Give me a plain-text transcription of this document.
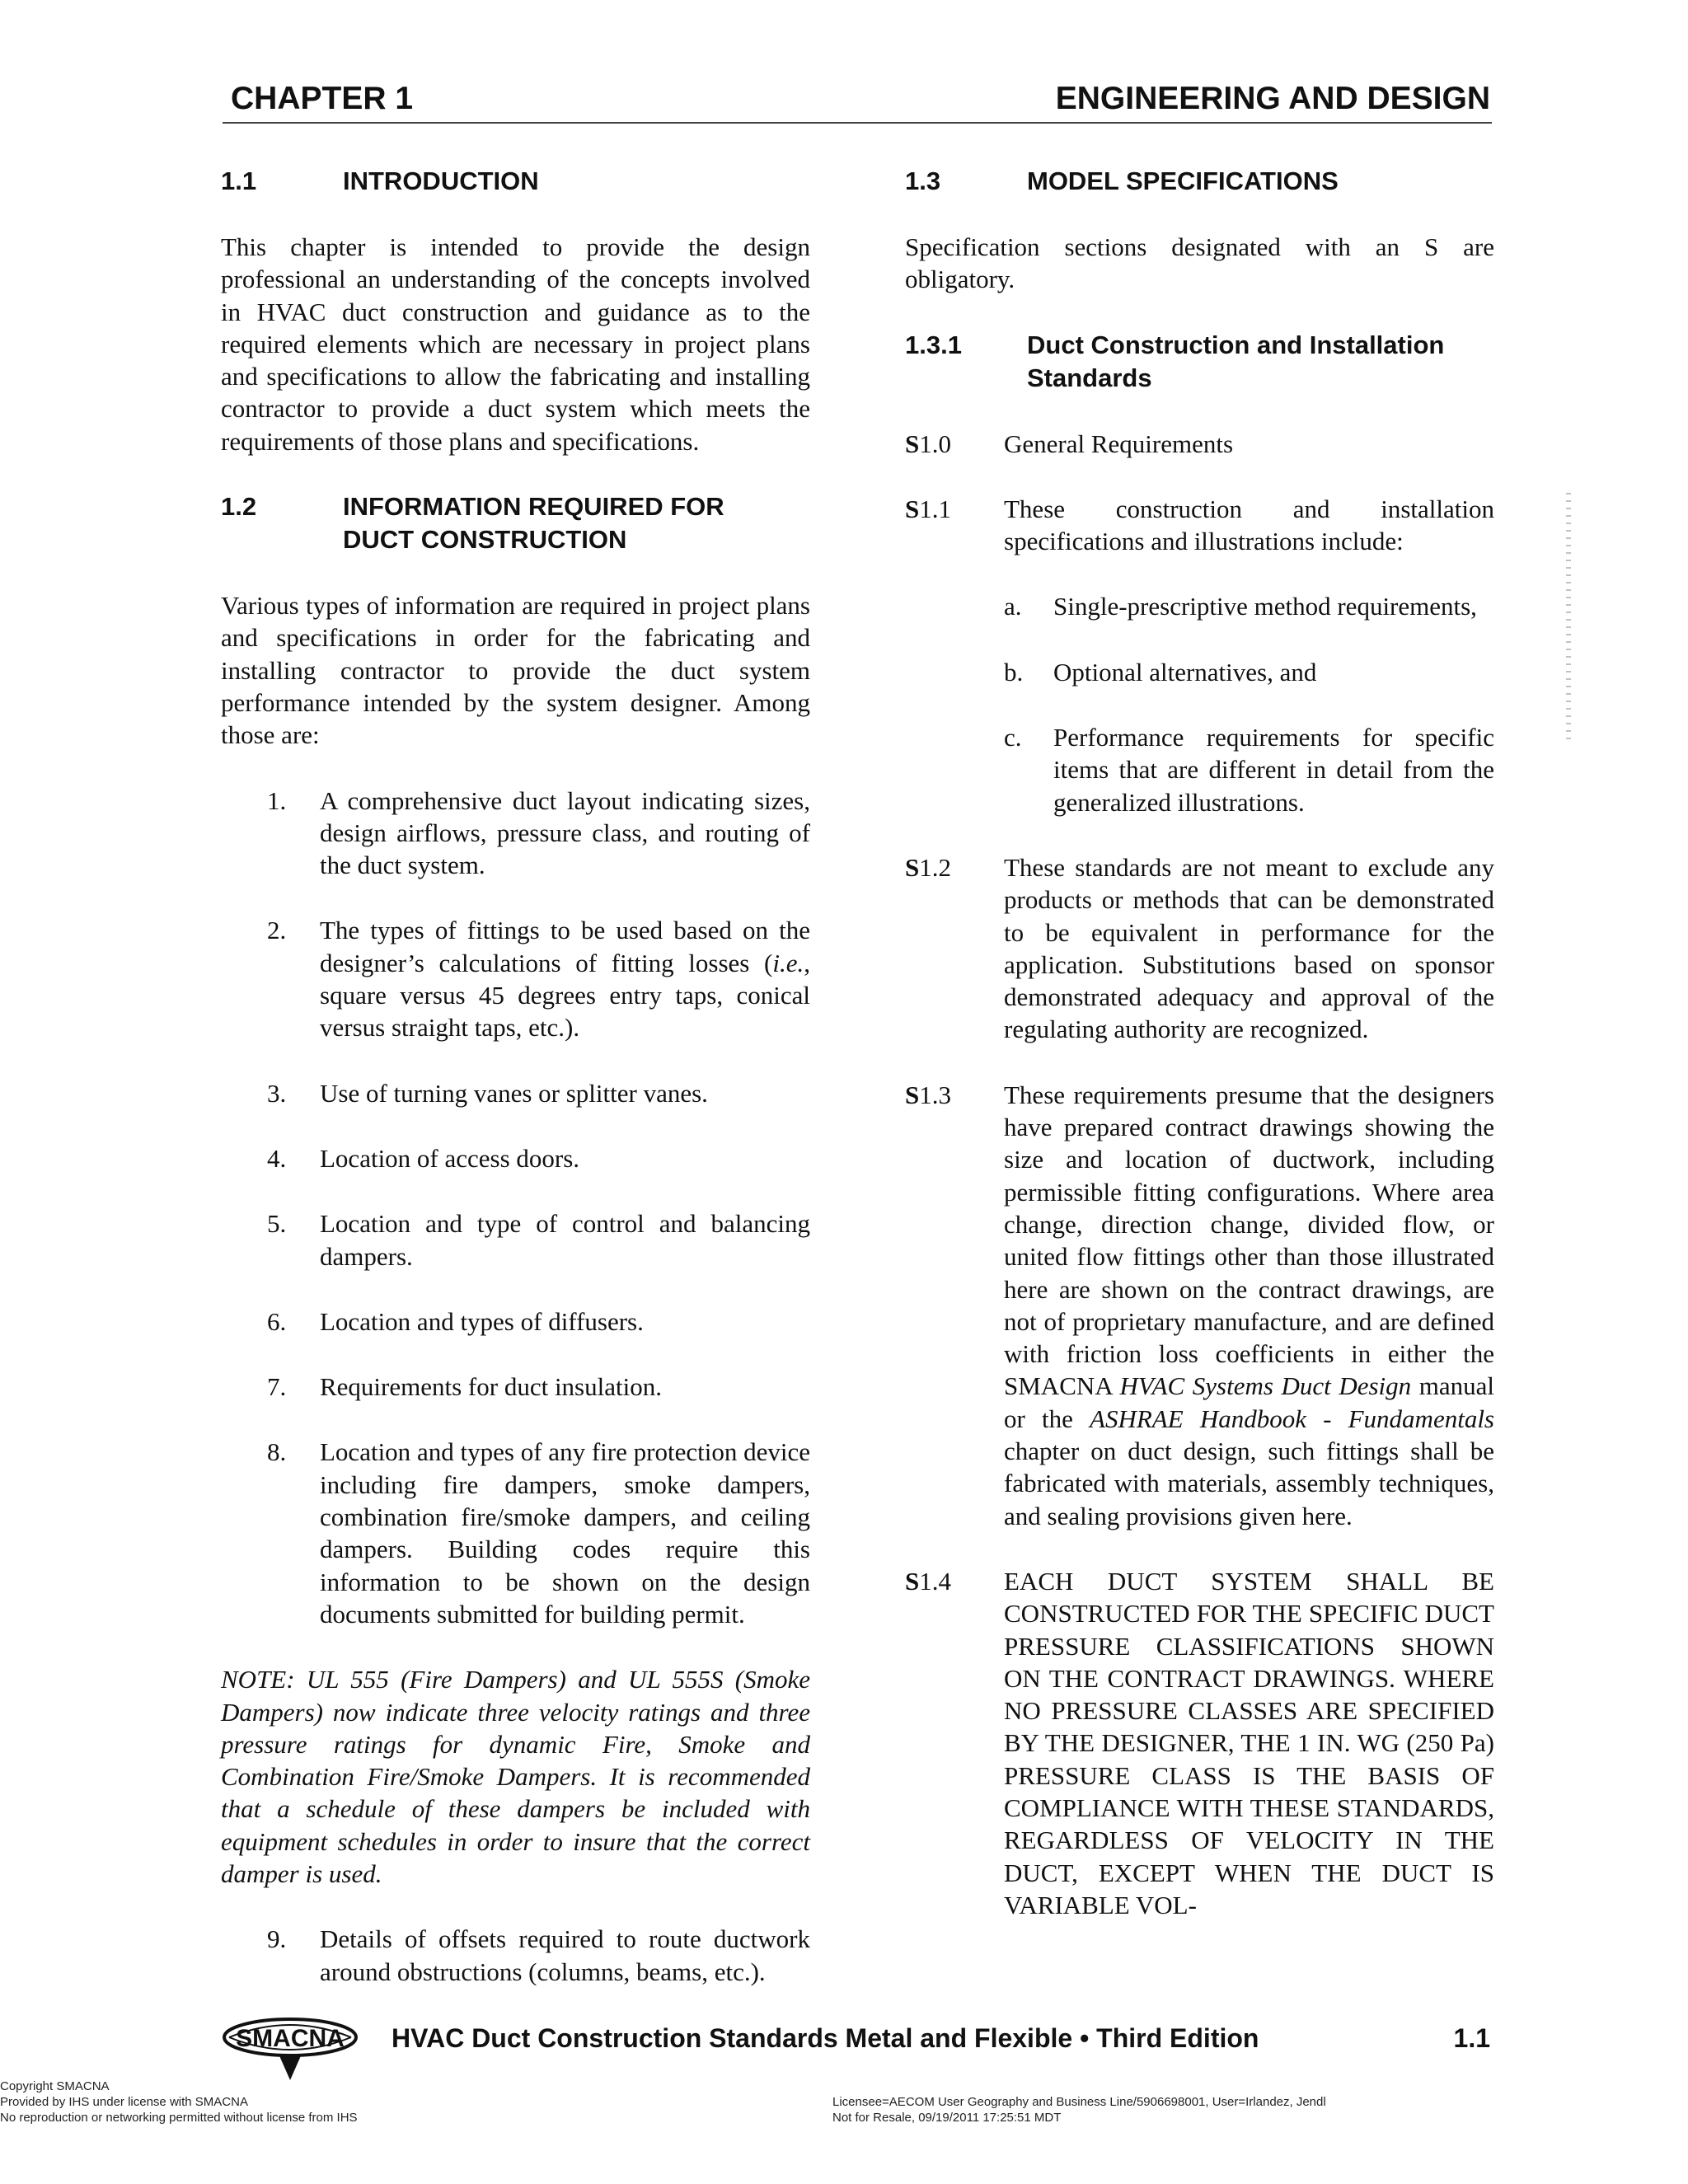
CHAPTER 1	ENGINEERING AND DESIGN
1.1	INTRODUCTION

This chapter is intended to provide the design professional an understanding of the concepts involved in HVAC duct construction and guidance as to the required elements which are necessary in project plans and specifications to allow the fabricating and installing contractor to provide a duct system which meets the requirements of those plans and specifications.

1.2	INFORMATION REQUIRED FOR
DUCT CONSTRUCTION

Various types of information are required in project plans and specifications in order for the fabricating and installing contractor to provide the duct system performance intended by the system designer. Among those are:

1. A comprehensive duct layout indicating sizes, design airflows, pressure class, and routing of the duct system.
2. The types of fittings to be used based on the designer’s calculations of fitting losses (i.e., square versus 45 degrees entry taps, conical versus straight taps, etc.).
3. Use of turning vanes or splitter vanes.
4. Location of access doors.
5. Location and type of control and balancing dampers.
6. Location and types of diffusers.
7. Requirements for duct insulation.
8. Location and types of any fire protection device including fire dampers, smoke dampers, combination fire/smoke dampers, and ceiling dampers. Building codes require this information to be shown on the design documents submitted for building permit.

NOTE: UL 555 (Fire Dampers) and UL 555S (Smoke Dampers) now indicate three velocity ratings and three pressure ratings for dynamic Fire, Smoke and Combination Fire/Smoke Dampers. It is recommended that a schedule of these dampers be included with equipment schedules in order to insure that the correct damper is used.

9. Details of offsets required to route ductwork around obstructions (columns, beams, etc.).
1.3	MODEL SPECIFICATIONS

Specification sections designated with an S are obligatory.

1.3.1	Duct Construction and Installation
Standards
S1.0 General Requirements
S1.1 These construction and installation specifications and illustrations include:
a. Single-prescriptive method requirements,
b. Optional alternatives, and
c. Performance requirements for specific items that are different in detail from the generalized illustrations.
S1.2 These standards are not meant to exclude any products or methods that can be demonstrated to be equivalent in performance for the application. Substitutions based on sponsor demonstrated adequacy and approval of the regulating authority are recognized.
S1.3 These requirements presume that the designers have prepared contract drawings showing the size and location of ductwork, including permissible fitting configurations. Where area change, direction change, divided flow, or united flow fittings other than those illustrated here are shown on the contract drawings, are not of proprietary manufacture, and are defined with friction loss coefficients in either the SMACNA HVAC Systems Duct Design manual or the ASHRAE Handbook - Fundamentals chapter on duct design, such fittings shall be fabricated with materials, assembly techniques, and sealing provisions given here.
S1.4 EACH DUCT SYSTEM SHALL BE CONSTRUCTED FOR THE SPECIFIC DUCT PRESSURE CLASSIFICATIONS SHOWN ON THE CONTRACT DRAWINGS. WHERE NO PRESSURE CLASSES ARE SPECIFIED BY THE DESIGNER, THE 1 IN. WG (250 Pa) PRESSURE CLASS IS THE BASIS OF COMPLIANCE WITH THESE STANDARDS, REGARDLESS OF VELOCITY IN THE DUCT, EXCEPT WHEN THE DUCT IS VARIABLE VOL-
SMACNA HVAC Duct Construction Standards Metal and Flexible • Third Edition	1.1
Copyright SMACNA
Provided by IHS under license with SMACNA
No reproduction or networking permitted without license from IHS
Licensee=AECOM User Geography and Business Line/5906698001, User=Irlandez, Jendl
Not for Resale, 09/19/2011 17:25:51 MDT
